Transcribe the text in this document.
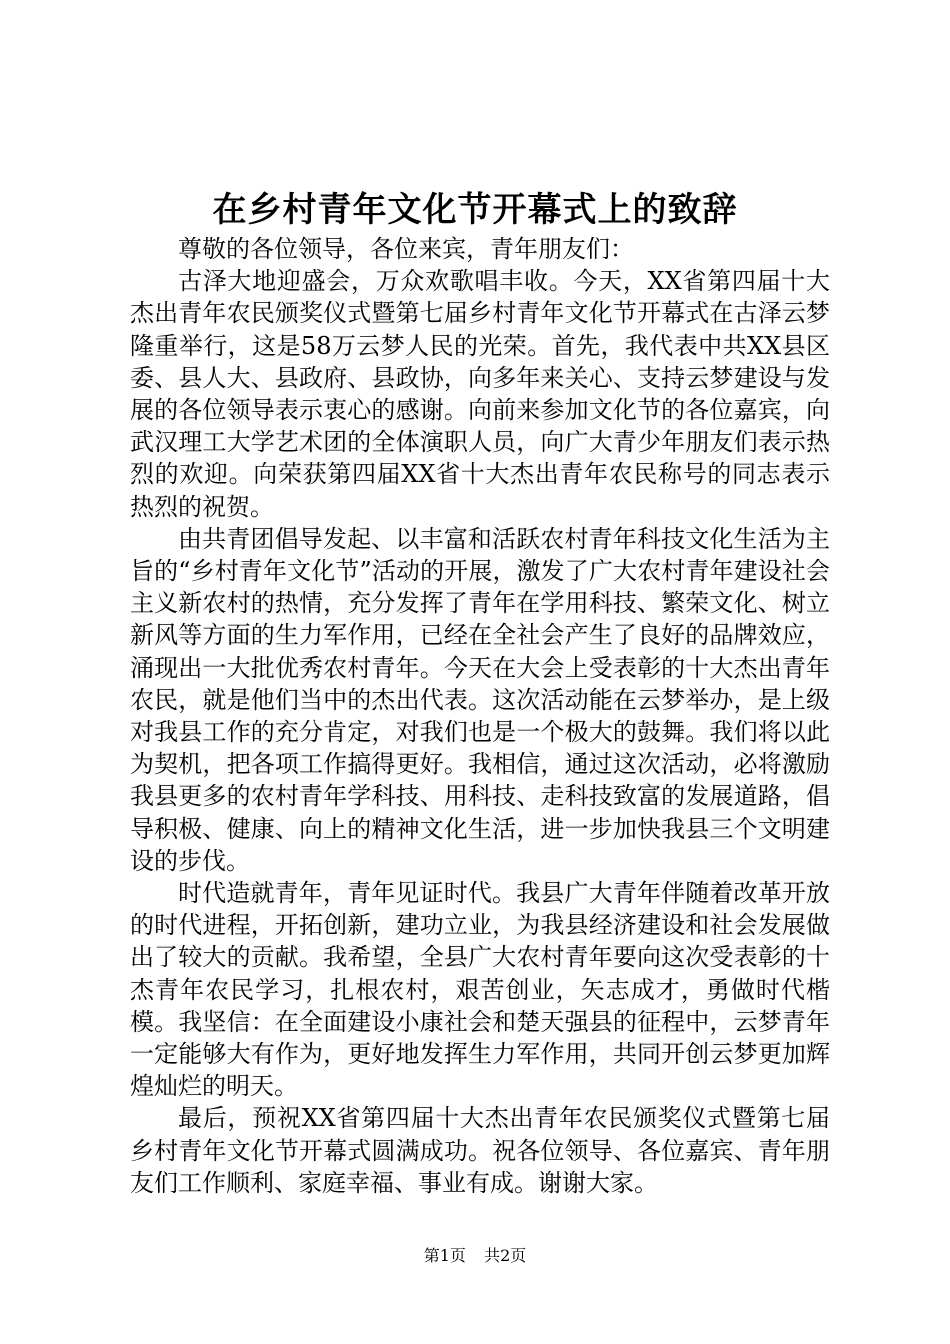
在乡村青年文化节开幕式上的致辞

尊敬的各位领导，各位来宾，青年朋友们：

古泽大地迎盛会，万众欢歌唱丰收。今天，XX省第四届十大杰出青年农民颁奖仪式暨第七届乡村青年文化节开幕式在古泽云梦隆重举行，这是58万云梦人民的光荣。首先，我代表中共XX县区委、县人大、县政府、县政协，向多年来关心、支持云梦建设与发展的各位领导表示衷心的感谢。向前来参加文化节的各位嘉宾，向武汉理工大学艺术团的全体演职人员，向广大青少年朋友们表示热烈的欢迎。向荣获第四届XX省十大杰出青年农民称号的同志表示热烈的祝贺。

由共青团倡导发起、以丰富和活跃农村青年科技文化生活为主旨的“乡村青年文化节”活动的开展，激发了广大农村青年建设社会主义新农村的热情，充分发挥了青年在学用科技、繁荣文化、树立新风等方面的生力军作用，已经在全社会产生了良好的品牌效应，涌现出一大批优秀农村青年。今天在大会上受表彰的十大杰出青年农民，就是他们当中的杰出代表。这次活动能在云梦举办，是上级对我县工作的充分肯定，对我们也是一个极大的鼓舞。我们将以此为契机，把各项工作搞得更好。我相信，通过这次活动，必将激励我县更多的农村青年学科技、用科技、走科技致富的发展道路，倡导积极、健康、向上的精神文化生活，进一步加快我县三个文明建设的步伐。

时代造就青年，青年见证时代。我县广大青年伴随着改革开放的时代进程，开拓创新，建功立业，为我县经济建设和社会发展做出了较大的贡献。我希望，全县广大农村青年要向这次受表彰的十杰青年农民学习，扎根农村，艰苦创业，矢志成才，勇做时代楷模。我坚信：在全面建设小康社会和楚天强县的征程中，云梦青年一定能够大有作为，更好地发挥生力军作用，共同开创云梦更加辉煌灿烂的明天。

最后，预祝XX省第四届十大杰出青年农民颁奖仪式暨第七届乡村青年文化节开幕式圆满成功。祝各位领导、各位嘉宾、青年朋友们工作顺利、家庭幸福、事业有成。谢谢大家。

第1页 共2页
